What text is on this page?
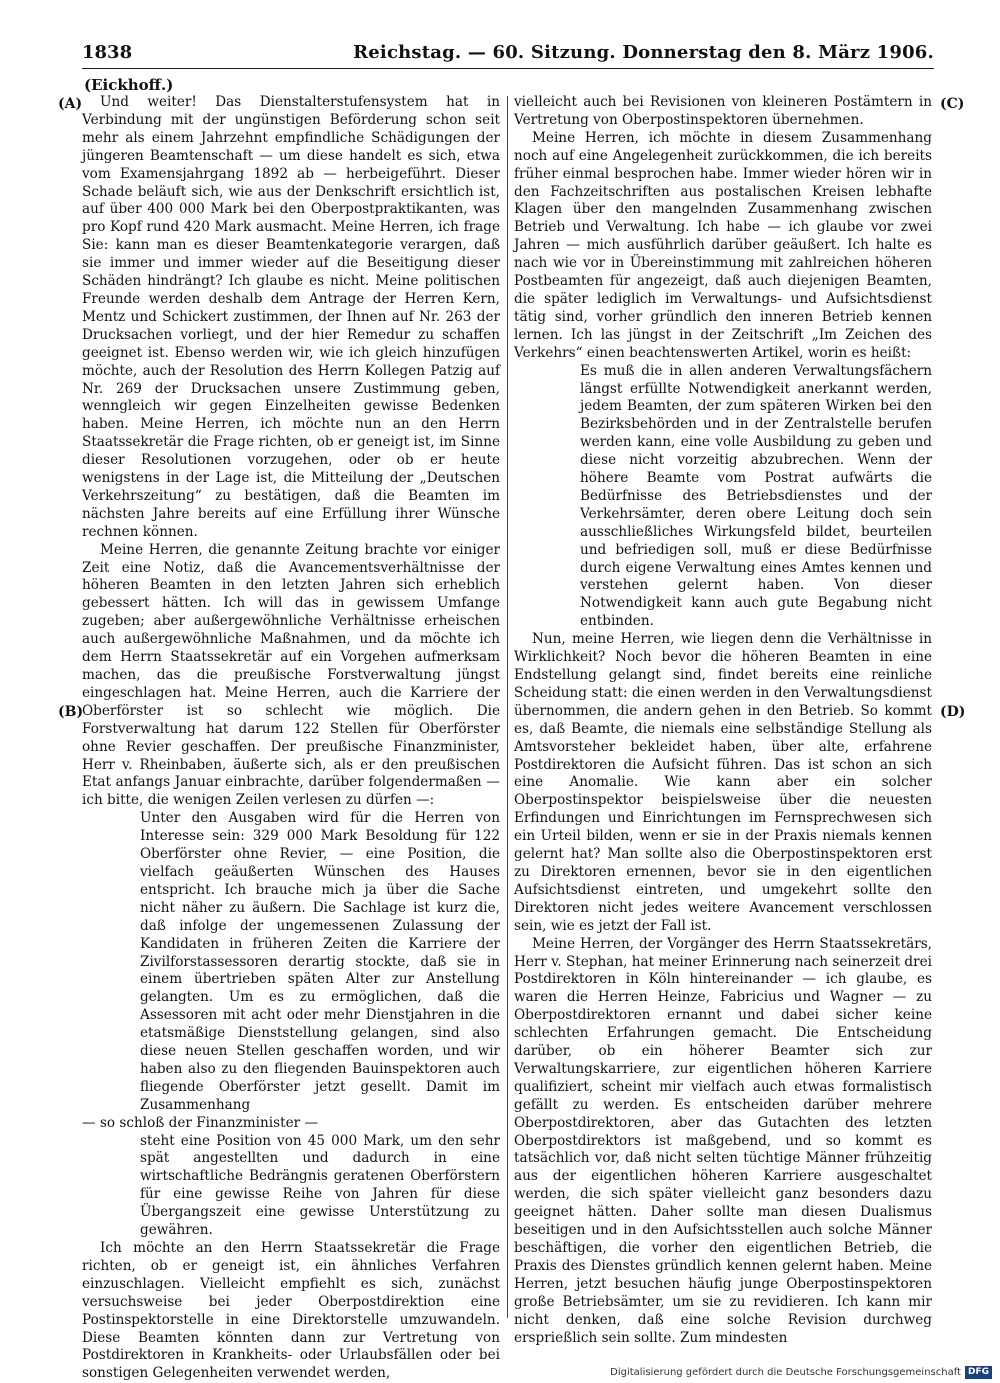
1838	Reichstag. — 60. Sitzung. Donnerstag den 8. März 1906.
(Eickhoff.)
(A)
(B)
(C)
(D)

Und weiter! Das Dienstalterstufensystem hat in Verbindung mit der ungünstigen Beförderung schon seit mehr als einem Jahrzehnt empfindliche Schädigungen der jüngeren Beamtenschaft — um diese handelt es sich, etwa vom Examensjahrgang 1892 ab — herbeigeführt. Dieser Schade beläuft sich, wie aus der Denkschrift ersichtlich ist, auf über 400 000 Mark bei den Oberpostpraktikanten, was pro Kopf rund 420 Mark ausmacht. Meine Herren, ich frage Sie: kann man es dieser Beamtenkategorie verargen, daß sie immer und immer wieder auf die Beseitigung dieser Schäden hindrängt? Ich glaube es nicht. Meine politischen Freunde werden deshalb dem Antrage der Herren Kern, Mentz und Schickert zustimmen, der Ihnen auf Nr. 263 der Drucksachen vorliegt, und der hier Remedur zu schaffen geeignet ist. Ebenso werden wir, wie ich gleich hinzufügen möchte, auch der Resolution des Herrn Kollegen Patzig auf Nr. 269 der Drucksachen unsere Zustimmung geben, wenngleich wir gegen Einzelheiten gewisse Bedenken haben. Meine Herren, ich möchte nun an den Herrn Staatssekretär die Frage richten, ob er geneigt ist, im Sinne dieser Resolutionen vorzugehen, oder ob er heute wenigstens in der Lage ist, die Mitteilung der „Deutschen Verkehrszeitung“ zu bestätigen, daß die Beamten im nächsten Jahre bereits auf eine Erfüllung ihrer Wünsche rechnen können.

Meine Herren, die genannte Zeitung brachte vor einiger Zeit eine Notiz, daß die Avancementsverhältnisse der höheren Beamten in den letzten Jahren sich erheblich gebessert hätten. Ich will das in gewissem Umfange zugeben; aber außergewöhnliche Verhältnisse erheischen auch außergewöhnliche Maßnahmen, und da möchte ich dem Herrn Staatssekretär auf ein Vorgehen aufmerksam machen, das die preußische Forstverwaltung jüngst eingeschlagen hat. Meine Herren, auch die Karriere der Oberförster ist so schlecht wie möglich. Die Forstverwaltung hat darum 122 Stellen für Oberförster ohne Revier geschaffen. Der preußische Finanzminister, Herr v. Rheinbaben, äußerte sich, als er den preußischen Etat anfangs Januar einbrachte, darüber folgendermaßen — ich bitte, die wenigen Zeilen verlesen zu dürfen —:

Unter den Ausgaben wird für die Herren von Interesse sein: 329 000 Mark Besoldung für 122 Oberförster ohne Revier, — eine Position, die vielfach geäußerten Wünschen des Hauses entspricht. Ich brauche mich ja über die Sache nicht näher zu äußern. Die Sachlage ist kurz die, daß infolge der ungemessenen Zulassung der Kandidaten in früheren Zeiten die Karriere der Zivilforstassessoren derartig stockte, daß sie in einem übertrieben späten Alter zur Anstellung gelangten. Um es zu ermöglichen, daß die Assessoren mit acht oder mehr Dienstjahren in die etatsmäßige Dienststellung gelangen, sind also diese neuen Stellen geschaffen worden, und wir haben also zu den fliegenden Bauinspektoren auch fliegende Oberförster jetzt gesellt. Damit im Zusammenhang

— so schloß der Finanzminister —

steht eine Position von 45 000 Mark, um den sehr spät angestellten und dadurch in eine wirtschaftliche Bedrängnis geratenen Oberförstern für eine gewisse Reihe von Jahren für diese Übergangszeit eine gewisse Unterstützung zu gewähren.

Ich möchte an den Herrn Staatssekretär die Frage richten, ob er geneigt ist, ein ähnliches Verfahren einzuschlagen. Vielleicht empfiehlt es sich, zunächst versuchsweise bei jeder Oberpostdirektion eine Postinspektorstelle in eine Direktorstelle umzuwandeln. Diese Beamten könnten dann zur Vertretung von Postdirektoren in Krankheits- oder Urlaubsfällen oder bei sonstigen Gelegenheiten verwendet werden,

vielleicht auch bei Revisionen von kleineren Postämtern in Vertretung von Oberpostinspektoren übernehmen.

Meine Herren, ich möchte in diesem Zusammenhang noch auf eine Angelegenheit zurückkommen, die ich bereits früher einmal besprochen habe. Immer wieder hören wir in den Fachzeitschriften aus postalischen Kreisen lebhafte Klagen über den mangelnden Zusammenhang zwischen Betrieb und Verwaltung. Ich habe — ich glaube vor zwei Jahren — mich ausführlich darüber geäußert. Ich halte es nach wie vor in Übereinstimmung mit zahlreichen höheren Postbeamten für angezeigt, daß auch diejenigen Beamten, die später lediglich im Verwaltungs- und Aufsichtsdienst tätig sind, vorher gründlich den inneren Betrieb kennen lernen. Ich las jüngst in der Zeitschrift „Im Zeichen des Verkehrs“ einen beachtenswerten Artikel, worin es heißt:

Es muß die in allen anderen Verwaltungsfächern längst erfüllte Notwendigkeit anerkannt werden, jedem Beamten, der zum späteren Wirken bei den Bezirksbehörden und in der Zentralstelle berufen werden kann, eine volle Ausbildung zu geben und diese nicht vorzeitig abzubrechen. Wenn der höhere Beamte vom Postrat aufwärts die Bedürfnisse des Betriebsdienstes und der Verkehrsämter, deren obere Leitung doch sein ausschließliches Wirkungsfeld bildet, beurteilen und befriedigen soll, muß er diese Bedürfnisse durch eigene Verwaltung eines Amtes kennen und verstehen gelernt haben. Von dieser Notwendigkeit kann auch gute Begabung nicht entbinden.

Nun, meine Herren, wie liegen denn die Verhältnisse in Wirklichkeit? Noch bevor die höheren Beamten in eine Endstellung gelangt sind, findet bereits eine reinliche Scheidung statt: die einen werden in den Verwaltungsdienst übernommen, die andern gehen in den Betrieb. So kommt es, daß Beamte, die niemals eine selbständige Stellung als Amtsvorsteher bekleidet haben, über alte, erfahrene Postdirektoren die Aufsicht führen. Das ist schon an sich eine Anomalie. Wie kann aber ein solcher Oberpostinspektor beispielsweise über die neuesten Erfindungen und Einrichtungen im Fernsprechwesen sich ein Urteil bilden, wenn er sie in der Praxis niemals kennen gelernt hat? Man sollte also die Oberpostinspektoren erst zu Direktoren ernennen, bevor sie in den eigentlichen Aufsichtsdienst eintreten, und umgekehrt sollte den Direktoren nicht jedes weitere Avancement verschlossen sein, wie es jetzt der Fall ist.

Meine Herren, der Vorgänger des Herrn Staatssekretärs, Herr v. Stephan, hat meiner Erinnerung nach seinerzeit drei Postdirektoren in Köln hintereinander — ich glaube, es waren die Herren Heinze, Fabricius und Wagner — zu Oberpostdirektoren ernannt und dabei sicher keine schlechten Erfahrungen gemacht. Die Entscheidung darüber, ob ein höherer Beamter sich zur Verwaltungskarriere, zur eigentlichen höheren Karriere qualifiziert, scheint mir vielfach auch etwas formalistisch gefällt zu werden. Es entscheiden darüber mehrere Oberpostdirektoren, aber das Gutachten des letzten Oberpostdirektors ist maßgebend, und so kommt es tatsächlich vor, daß nicht selten tüchtige Männer frühzeitig aus der eigentlichen höheren Karriere ausgeschaltet werden, die sich später vielleicht ganz besonders dazu geeignet hätten. Daher sollte man diesen Dualismus beseitigen und in den Aufsichtsstellen auch solche Männer beschäftigen, die vorher den eigentlichen Betrieb, die Praxis des Dienstes gründlich kennen gelernt haben. Meine Herren, jetzt besuchen häufig junge Oberpostinspektoren große Betriebsämter, um sie zu revidieren. Ich kann mir nicht denken, daß eine solche Revision durchweg ersprießlich sein sollte. Zum mindesten

Digitalisierung gefördert durch die Deutsche Forschungsgemeinschaft DFG
